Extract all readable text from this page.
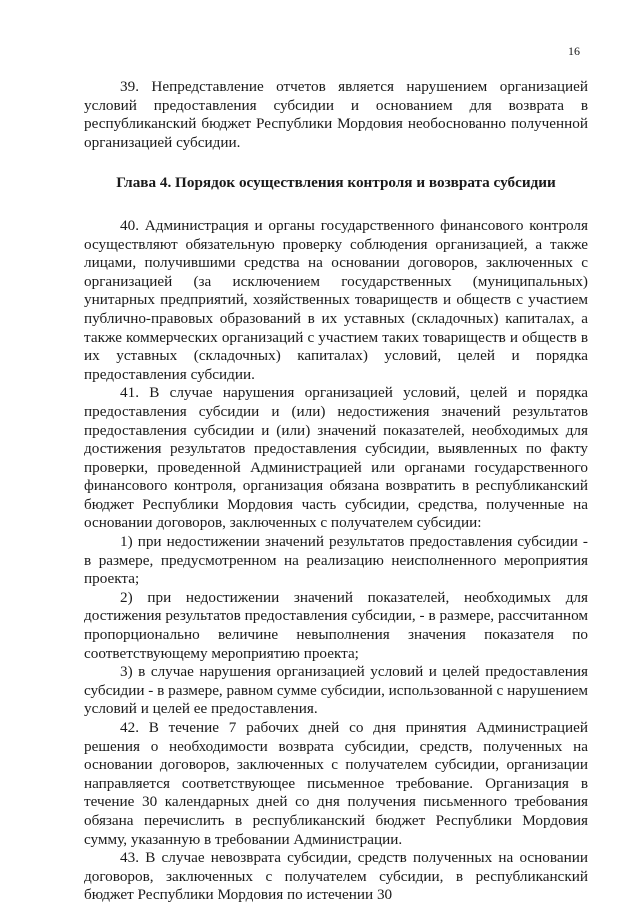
16

39. Непредставление отчетов является нарушением организацией условий предоставления субсидии и основанием для возврата в республиканский бюджет Республики Мордовия необоснованно полученной организацией субсидии.

Глава 4. Порядок осуществления контроля и возврата субсидии

40. Администрация и органы государственного финансового контроля осуществляют обязательную проверку соблюдения организацией, а также лицами, получившими средства на основании договоров, заключенных с организацией (за исключением государственных (муниципальных) унитарных предприятий, хозяйственных товариществ и обществ с участием публично-правовых образований в их уставных (складочных) капиталах, а также коммерческих организаций с участием таких товариществ и обществ в их уставных (складочных) капиталах) условий, целей и порядка предоставления субсидии.

41. В случае нарушения организацией условий, целей и порядка предоставления субсидии и (или) недостижения значений результатов предоставления субсидии и (или) значений показателей, необходимых для достижения результатов предоставления субсидии, выявленных по факту проверки, проведенной Администрацией или органами государственного финансового контроля, организация обязана возвратить в республиканский бюджет Республики Мордовия часть субсидии, средства, полученные на основании договоров, заключенных с получателем субсидии:

1) при недостижении значений результатов предоставления субсидии - в размере, предусмотренном на реализацию неисполненного мероприятия проекта;

2) при недостижении значений показателей, необходимых для достижения результатов предоставления субсидии, - в размере, рассчитанном пропорционально величине невыполнения значения показателя по соответствующему мероприятию проекта;

3) в случае нарушения организацией условий и целей предоставления субсидии - в размере, равном сумме субсидии, использованной с нарушением условий и целей ее предоставления.

42. В течение 7 рабочих дней со дня принятия Администрацией решения о необходимости возврата субсидии, средств, полученных на основании договоров, заключенных с получателем субсидии, организации направляется соответствующее письменное требование. Организация в течение 30 календарных дней со дня получения письменного требования обязана перечислить в республиканский бюджет Республики Мордовия сумму, указанную в требовании Администрации.

43. В случае невозврата субсидии, средств полученных на основании договоров, заключенных с получателем субсидии, в республиканский бюджет Республики Мордовия по истечении 30
